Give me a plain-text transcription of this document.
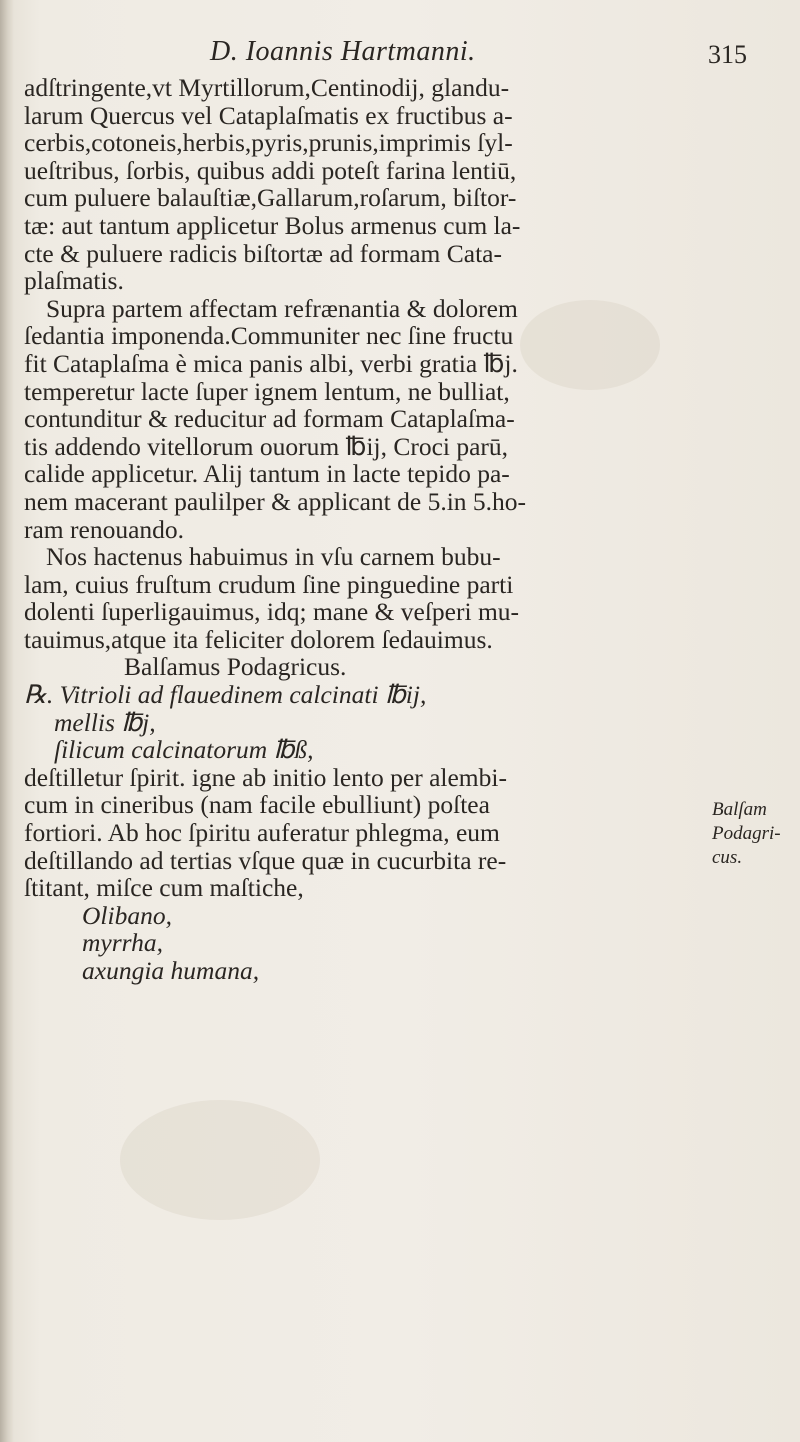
D. Ioannis Hartmanni.	315
adſtringente,vt Myrtillorum,Centinodij, glandu-
larum Quercus vel Cataplaſmatis ex fructibus a-
cerbis,cotoneis,herbis,pyris,prunis,imprimis ſyl-
ueſtribus, ſorbis, quibus addi poteſt farina lentiū,
cum puluere balauſtiæ,Gallarum,roſarum, biſtor-
tæ: aut tantum applicetur Bolus armenus cum la-
cte & puluere radicis biſtortæ ad formam Cata-
plaſmatis.
Supra partem affectam refrænantia & dolorem
ſedantia imponenda.Communiter nec ſine fructu
fit Cataplaſma è mica panis albi, verbi gratia ℔j.
temperetur lacte ſuper ignem lentum, ne bulliat,
contunditur & reducitur ad formam Cataplaſma-
tis addendo vitellorum ouorum ℔ij, Croci parū,
calide applicetur. Alij tantum in lacte tepido pa-
nem macerant paulilper & applicant de 5.in 5.ho-
ram renouando.
Nos hactenus habuimus in vſu carnem bubu-
lam, cuius fruſtum crudum ſine pinguedine parti
dolenti ſuperligauimus, idq; mane & veſperi mu-
tauimus,atque ita feliciter dolorem ſedauimus.
Balſamus Podagricus.
℞. Vitrioli ad flauedinem calcinati ℔ij,
mellis ℔j,
ſilicum calcinatorum ℔ß,
deſtilletur ſpirit. igne ab initio lento per alembi-
cum in cineribus (nam facile ebulliunt) poſtea
fortiori. Ab hoc ſpiritu auferatur phlegma, eum
deſtillando ad tertias vſque quæ in cucurbita re-
ſtitant, miſce cum maſtiche,
Olibano,
myrrha,
axungia humana,
Balſam
Podagri-
cus.
